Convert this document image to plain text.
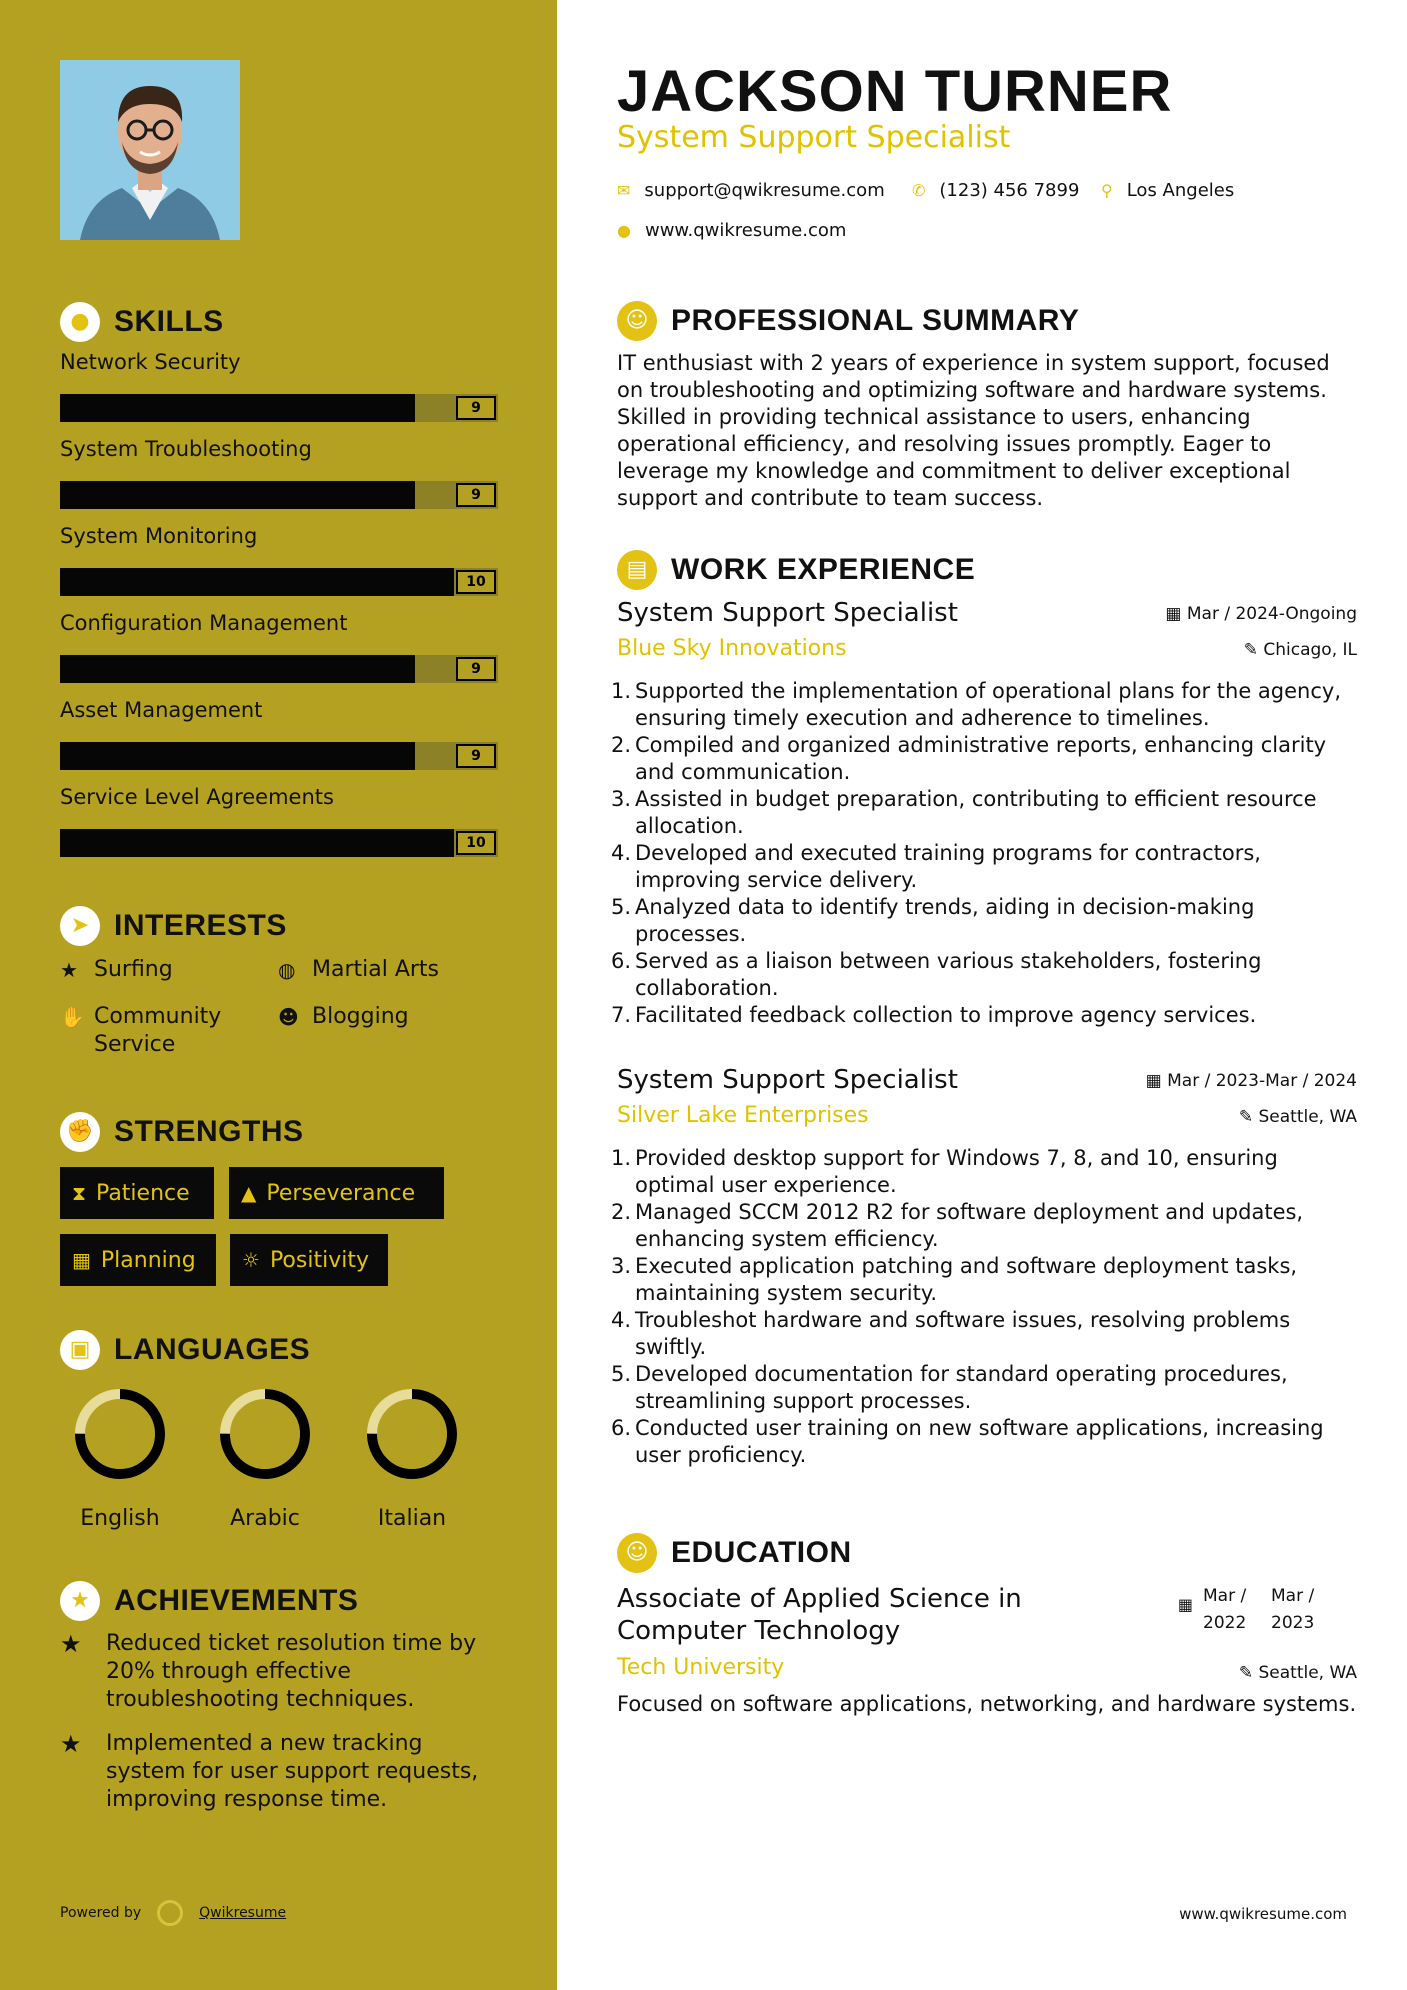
● SKILLS
Network Security
9
System Troubleshooting
9
System Monitoring
10
Configuration Management
9
Asset Management
9
Service Level Agreements
10
➤ INTERESTS
★ Surfing	◍ Martial Arts
✋ Community Service
☻ Blogging
✊ STRENGTHS
⧗ Patience	▲ Perseverance
▦ Planning ☼ Positivity
▣ LANGUAGES
English	Arabic	Italian
★ ACHIEVEMENTS
★	Reduced ticket resolution time by 20% through effective troubleshooting techniques.
★	Implemented a new tracking system for user support requests, improving response time.
Powered by	Qwikresume
JACKSON TURNER
System Support Specialist
✉ support@qwikresume.com ✆ (123) 456 7899 ⚲ Los Angeles
● www.qwikresume.com
☺ PROFESSIONAL SUMMARY
IT enthusiast with 2 years of experience in system support, focused on troubleshooting and optimizing software and hardware systems. Skilled in providing technical assistance to users, enhancing operational efficiency, and resolving issues promptly. Eager to leverage my knowledge and commitment to deliver exceptional support and contribute to team success.
▤ WORK EXPERIENCE
System Support Specialist	▦ Mar / 2024-Ongoing
Blue Sky Innovations	✎ Chicago, IL
Supported the implementation of operational plans for the agency, ensuring timely execution and adherence to timelines.
Compiled and organized administrative reports, enhancing clarity and communication.
Assisted in budget preparation, contributing to efficient resource allocation.
Developed and executed training programs for contractors, improving service delivery.
Analyzed data to identify trends, aiding in decision-making processes.
Served as a liaison between various stakeholders, fostering collaboration.
Facilitated feedback collection to improve agency services.
System Support Specialist	▦ Mar / 2023-Mar / 2024
Silver Lake Enterprises	✎ Seattle, WA
Provided desktop support for Windows 7, 8, and 10, ensuring optimal user experience.
Managed SCCM 2012 R2 for software deployment and updates, enhancing system efficiency.
Executed application patching and software deployment tasks, maintaining system security.
Troubleshot hardware and software issues, resolving problems swiftly.
Developed documentation for standard operating procedures, streamlining support processes.
Conducted user training on new software applications, increasing user proficiency.
☺ EDUCATION
Associate of Applied Science in Computer Technology
▦ Mar /
2022
Mar /
2023
Tech University	✎ Seattle, WA
Focused on software applications, networking, and hardware systems.
www.qwikresume.com
